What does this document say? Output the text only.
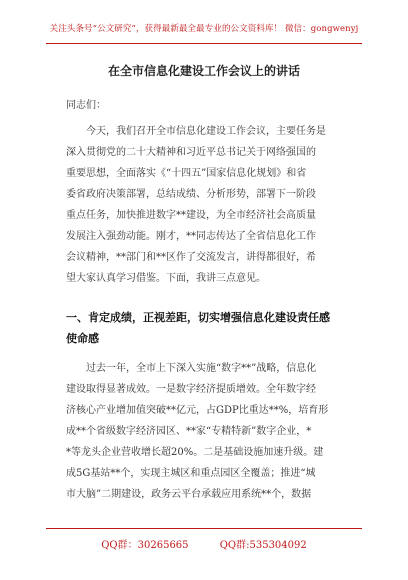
关注头条号“公文研究”，获得最新最全最专业的公文资料库！ 微信：gongwenyj
在全市信息化建设工作会议上的讲话
同志们：

今天，我们召开全市信息化建设工作会议，主要任务是
深入贯彻党的二十大精神和习近平总书记关于网络强国的
重要思想，全面落实《“十四五”国家信息化规划》和省
委省政府决策部署，总结成绩、分析形势，部署下一阶段
重点任务，加快推进数字**建设，为全市经济社会高质量
发展注入强劲动能。刚才，**同志传达了全省信息化工作
会议精神，**部门和**区作了交流发言，讲得都很好，希
望大家认真学习借鉴。下面，我讲三点意见。

一、肯定成绩，正视差距，切实增强信息化建设责任感
使命感

过去一年，全市上下深入实施“数字**”战略，信息化
建设取得显著成效。一是数字经济提质增效。全年数字经
济核心产业增加值突破**亿元，占GDP比重达**%，培育形
成**个省级数字经济园区、**家“专精特新”数字企业，*
*等龙头企业营收增长超20%。二是基础设施加速升级。建
成5G基站**个，实现主城区和重点园区全覆盖；推进“城
市大脑”二期建设，政务云平台承载应用系统**个，数据

QQ群：30265665	QQ群:535304092
